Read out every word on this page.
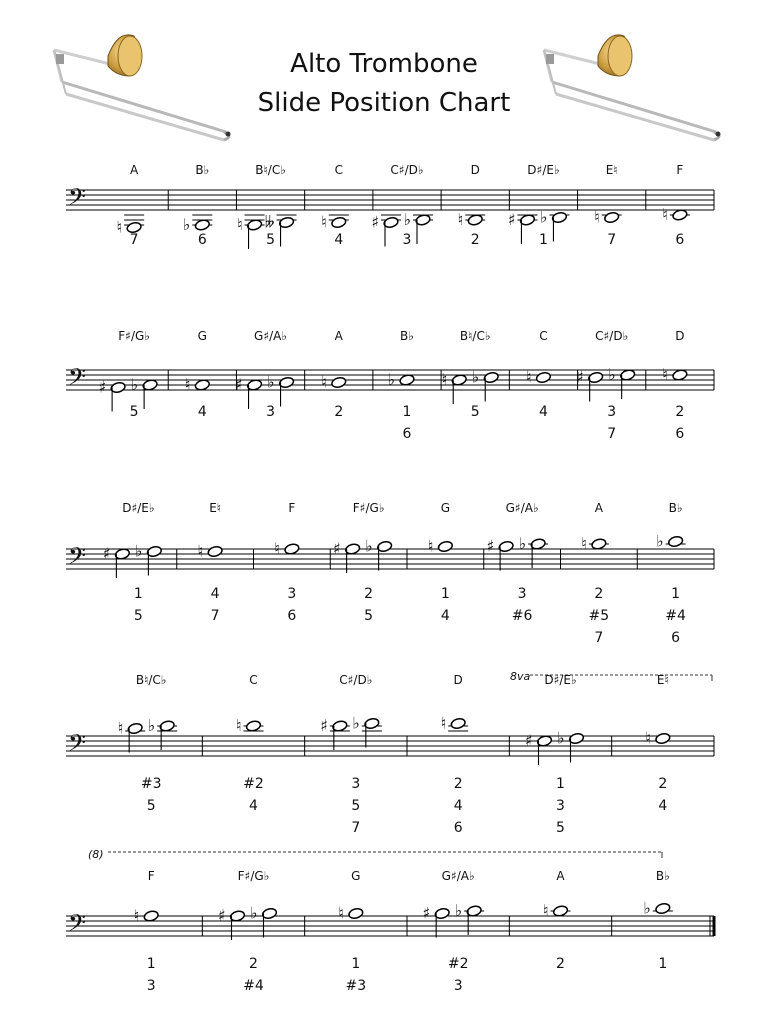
Alto Trombone
Slide Position Chart
𝄢
A
♮
7
B♭
♭
6
B♮/C♭
♮ 𝄫
5
C
♮
4
C♯/D♭
♯ ♭
3
D
♮
2
D♯/E♭
♯ ♭
1
E♮
♮
7
F
♮
6
𝄢
F♯/G♭
♯ ♭
5
G
♮
4
G♯/A♭
♯ ♭
3
A
♮
2
B♭
♭
1
6
B♮/C♭
♮ ♭
5
C
♮
4
C♯/D♭
♯ ♭
3
7
D
♮
2
6
𝄢
D♯/E♭
♯ ♭
1
5
E♮
♮
4
7
F
♮
3
6
F♯/G♭
♯ ♭
2
5
G
♮
1
4
G♯/A♭
♯ ♭
3
#6
A
♮
2
#5
7
B♭
♭
1
#4
6
𝄢
8va
B♮/C♭
♮ ♭
#3
5
C
♮
#2
4
C♯/D♭
♯ ♭
3
5
7
D
♮
2
4
6
D♯/E♭
♯ ♭
1
3
5
E♮
♮
2
4
𝄢
(8)
F
♮
1
3
F♯/G♭
♯ ♭
2
#4
G
♮
1
#3
G♯/A♭
♯ ♭
#2
3
A
♮
2
B♭
♭
1
